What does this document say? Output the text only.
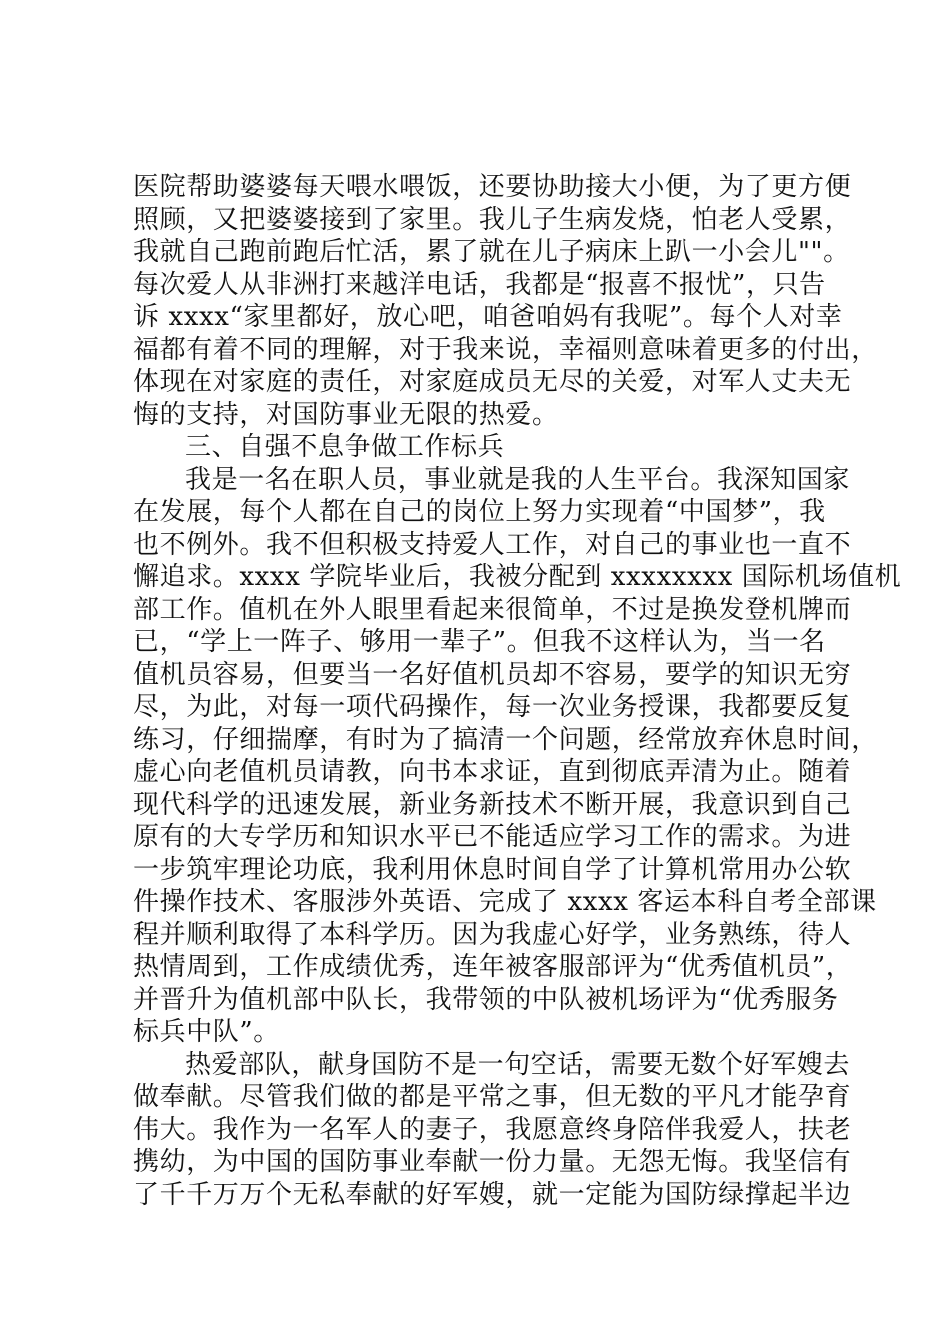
医院帮助婆婆每天喂水喂饭，还要协助接大小便，为了更方便
照顾，又把婆婆接到了家里。我儿子生病发烧，怕老人受累，
我就自己跑前跑后忙活，累了就在儿子病床上趴一小会儿""。
每次爱人从非洲打来越洋电话，我都是“报喜不报忧”，只告
诉 xxxx“家里都好，放心吧，咱爸咱妈有我呢”。每个人对幸
福都有着不同的理解，对于我来说，幸福则意味着更多的付出，
体现在对家庭的责任，对家庭成员无尽的关爱，对军人丈夫无
悔的支持，对国防事业无限的热爱。
三、自强不息争做工作标兵
我是一名在职人员，事业就是我的人生平台。我深知国家
在发展，每个人都在自己的岗位上努力实现着“中国梦”，我
也不例外。我不但积极支持爱人工作，对自己的事业也一直不
懈追求。xxxx 学院毕业后，我被分配到 xxxxxxxx 国际机场值机
部工作。值机在外人眼里看起来很简单，不过是换发登机牌而
已，“学上一阵子、够用一辈子”。但我不这样认为，当一名
值机员容易，但要当一名好值机员却不容易，要学的知识无穷
尽，为此，对每一项代码操作，每一次业务授课，我都要反复
练习，仔细揣摩，有时为了搞清一个问题，经常放弃休息时间，
虚心向老值机员请教，向书本求证，直到彻底弄清为止。随着
现代科学的迅速发展，新业务新技术不断开展，我意识到自己
原有的大专学历和知识水平已不能适应学习工作的需求。为进
一步筑牢理论功底，我利用休息时间自学了计算机常用办公软
件操作技术、客服涉外英语、完成了 xxxx 客运本科自考全部课
程并顺利取得了本科学历。因为我虚心好学，业务熟练，待人
热情周到，工作成绩优秀，连年被客服部评为“优秀值机员”，
并晋升为值机部中队长，我带领的中队被机场评为“优秀服务
标兵中队”。
热爱部队，献身国防不是一句空话，需要无数个好军嫂去
做奉献。尽管我们做的都是平常之事，但无数的平凡才能孕育
伟大。我作为一名军人的妻子，我愿意终身陪伴我爱人，扶老
携幼，为中国的国防事业奉献一份力量。无怨无悔。我坚信有
了千千万万个无私奉献的好军嫂，就一定能为国防绿撑起半边
